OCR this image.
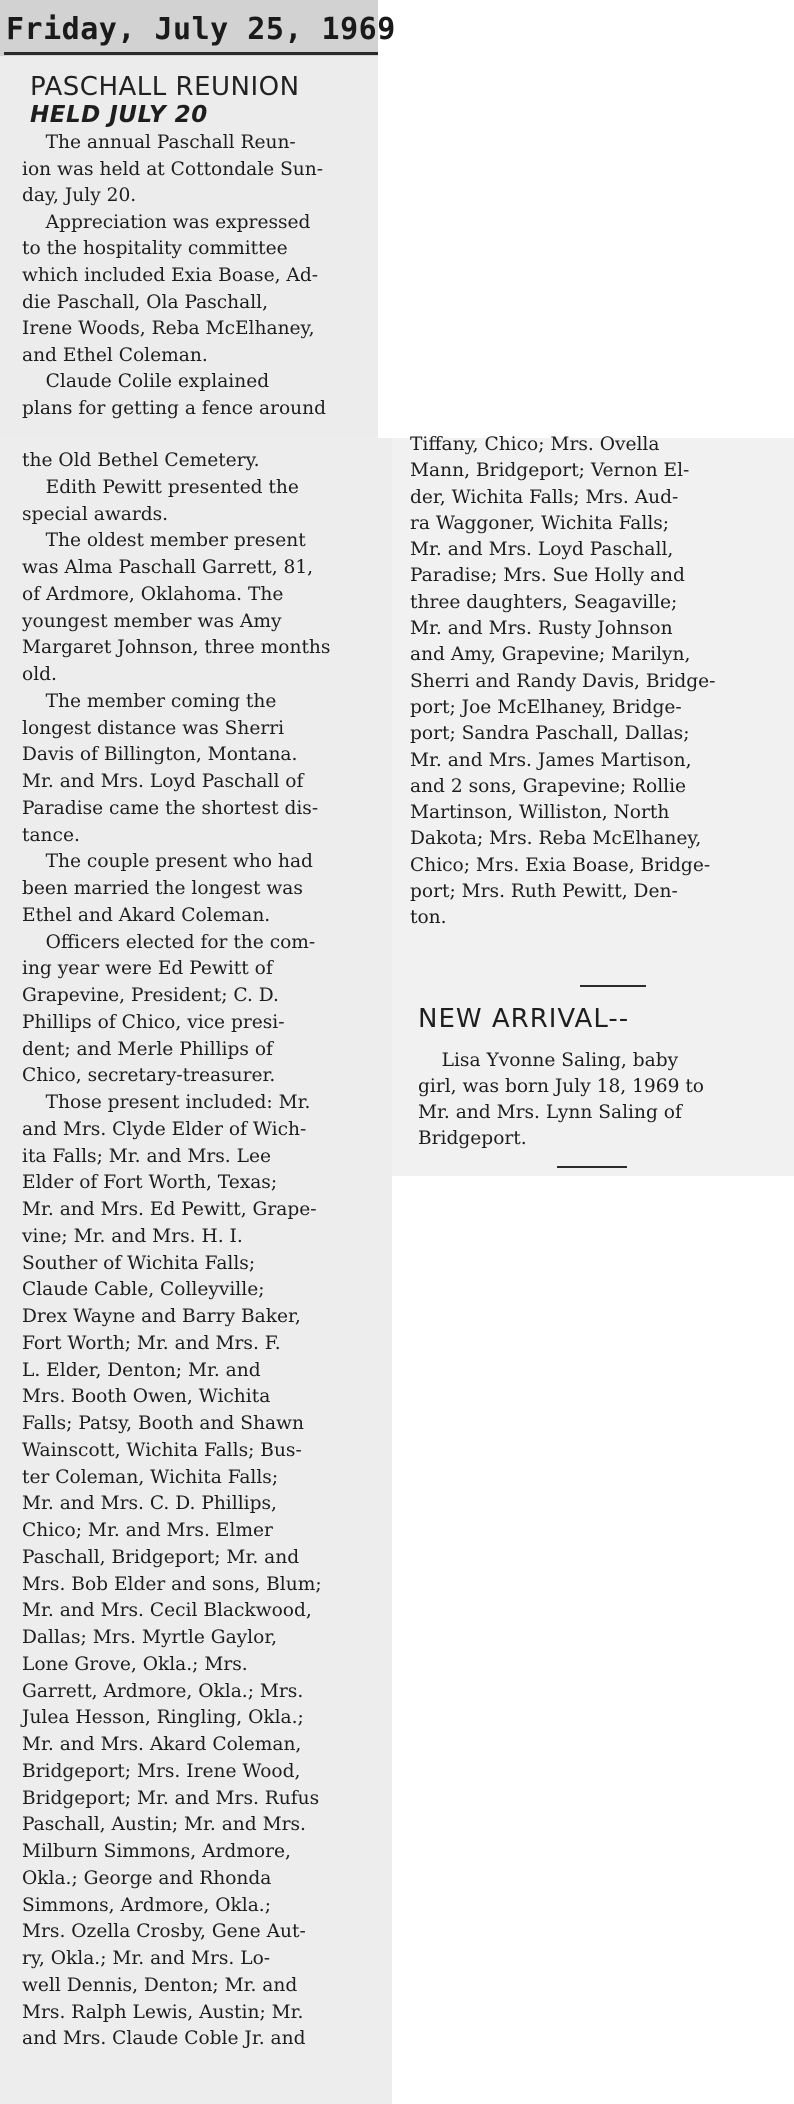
Friday, July 25, 1969
PASCHALL REUNION
HELD JULY 20
The annual Paschall Reun-
ion was held at Cottondale Sun-
day, July 20.
Appreciation was expressed
to the hospitality committee
which included Exia Boase, Ad-
die Paschall, Ola Paschall,
Irene Woods, Reba McElhaney,
and Ethel Coleman.
Claude Colile explained
plans for getting a fence around
the Old Bethel Cemetery.
Edith Pewitt presented the
special awards.
The oldest member present
was Alma Paschall Garrett, 81,
of Ardmore, Oklahoma. The
youngest member was Amy
Margaret Johnson, three months
old.
The member coming the
longest distance was Sherri
Davis of Billington, Montana.
Mr. and Mrs. Loyd Paschall of
Paradise came the shortest dis-
tance.
The couple present who had
been married the longest was
Ethel and Akard Coleman.
Officers elected for the com-
ing year were Ed Pewitt of
Grapevine, President; C. D.
Phillips of Chico, vice presi-
dent; and Merle Phillips of
Chico, secretary-treasurer.
Those present included: Mr.
and Mrs. Clyde Elder of Wich-
ita Falls; Mr. and Mrs. Lee
Elder of Fort Worth, Texas;
Mr. and Mrs. Ed Pewitt, Grape-
vine; Mr. and Mrs. H. I.
Souther of Wichita Falls;
Claude Cable, Colleyville;
Drex Wayne and Barry Baker,
Fort Worth; Mr. and Mrs. F.
L. Elder, Denton; Mr. and
Mrs. Booth Owen, Wichita
Falls; Patsy, Booth and Shawn
Wainscott, Wichita Falls; Bus-
ter Coleman, Wichita Falls;
Mr. and Mrs. C. D. Phillips,
Chico; Mr. and Mrs. Elmer
Paschall, Bridgeport; Mr. and
Mrs. Bob Elder and sons, Blum;
Mr. and Mrs. Cecil Blackwood,
Dallas; Mrs. Myrtle Gaylor,
Lone Grove, Okla.; Mrs.
Garrett, Ardmore, Okla.; Mrs.
Julea Hesson, Ringling, Okla.;
Mr. and Mrs. Akard Coleman,
Bridgeport; Mrs. Irene Wood,
Bridgeport; Mr. and Mrs. Rufus
Paschall, Austin; Mr. and Mrs.
Milburn Simmons, Ardmore,
Okla.; George and Rhonda
Simmons, Ardmore, Okla.;
Mrs. Ozella Crosby, Gene Aut-
ry, Okla.; Mr. and Mrs. Lo-
well Dennis, Denton; Mr. and
Mrs. Ralph Lewis, Austin; Mr.
and Mrs. Claude Coble Jr. and
Tiffany, Chico; Mrs. Ovella
Mann, Bridgeport; Vernon El-
der, Wichita Falls; Mrs. Aud-
ra Waggoner, Wichita Falls;
Mr. and Mrs. Loyd Paschall,
Paradise; Mrs. Sue Holly and
three daughters, Seagaville;
Mr. and Mrs. Rusty Johnson
and Amy, Grapevine; Marilyn,
Sherri and Randy Davis, Bridge-
port; Joe McElhaney, Bridge-
port; Sandra Paschall, Dallas;
Mr. and Mrs. James Martison,
and 2 sons, Grapevine; Rollie
Martinson, Williston, North
Dakota; Mrs. Reba McElhaney,
Chico; Mrs. Exia Boase, Bridge-
port; Mrs. Ruth Pewitt, Den-
ton.
NEW ARRIVAL--
Lisa Yvonne Saling, baby
girl, was born July 18, 1969 to
Mr. and Mrs. Lynn Saling of
Bridgeport.
